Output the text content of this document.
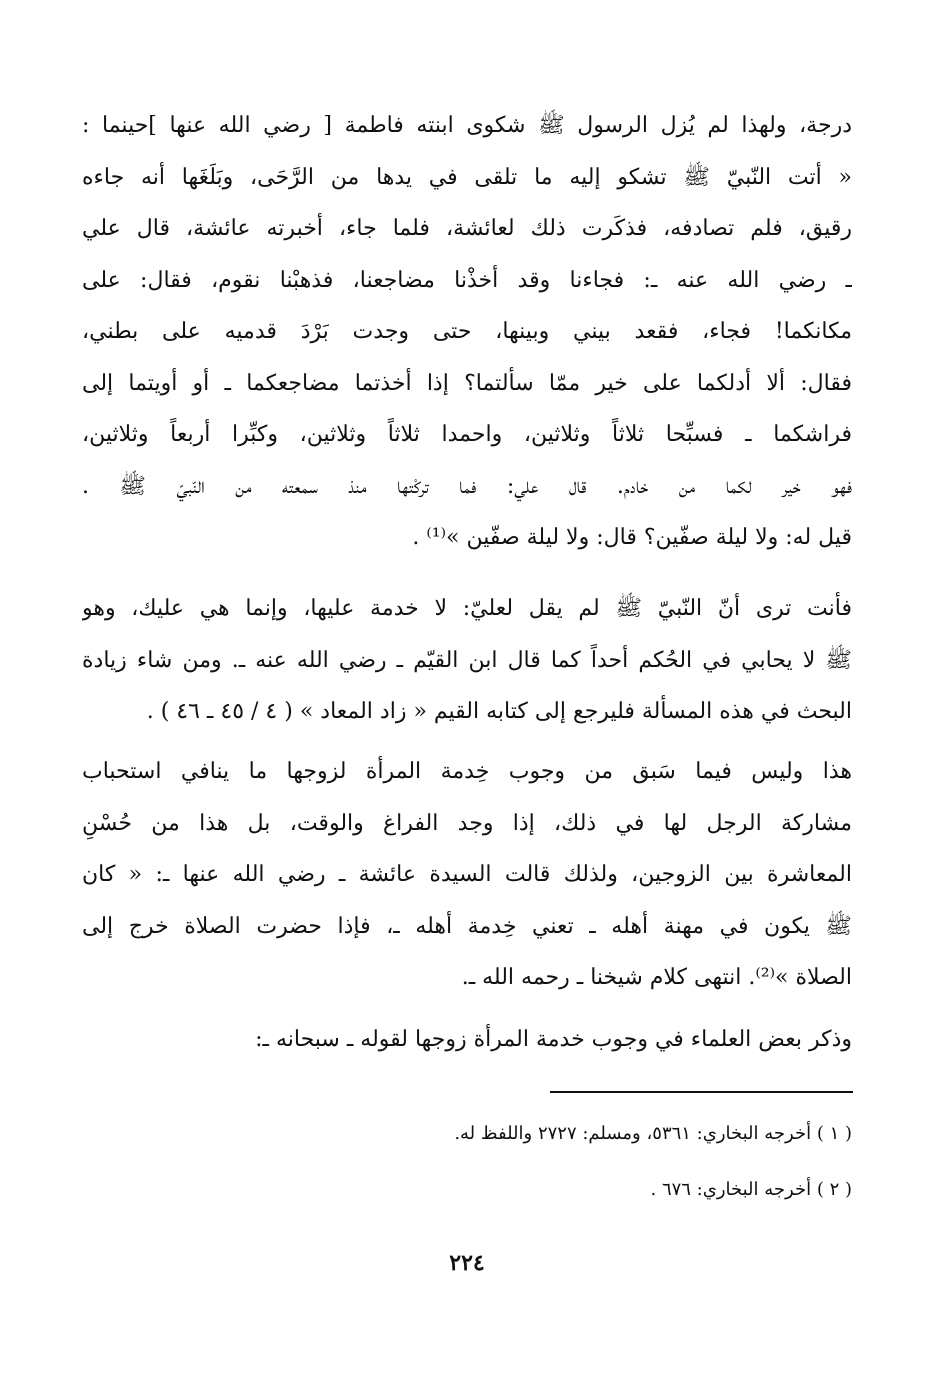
درجة، ولهذا لم يُزل الرسول ﷺ شكوى ابنته فاطمة [ رضي الله عنها ]حينما :
« أتت النّبيّ ﷺ تشكو إليه ما تلقى في يدها من الرَّحَى، وبَلَغَها أنه جاءه
رقيق، فلم تصادفه، فذكَرت ذلك لعائشة، فلما جاء، أخبرته عائشة، قال علي
ـ رضي الله عنه ـ: فجاءنا وقد أخذْنا مضاجعنا، فذهبْنا نقوم، فقال: على
مكانكما! فجاء، فقعد بيني وبينها، حتى وجدت بَرْدَ قدميه على بطني،
فقال: ألا أدلكما على خير ممّا سألتما؟ إذا أخذتما مضاجعكما ـ أو أويتما إلى
فراشكما ـ فسبِّحا ثلاثاً وثلاثين، واحمدا ثلاثاً وثلاثين، وكبِّرا أربعاً وثلاثين،
فهو خير لكما من خادم. قال علي: فما تركْتها منذ سمعته من النّبيّ ﷺ .
قيل له: ولا ليلة صفّين؟ قال: ولا ليلة صفّين »⁽¹⁾ .
فأنت ترى أنّ النّبيّ ﷺ لم يقل لعليّ: لا خدمة عليها، وإنما هي عليك، وهو
ﷺ لا يحابي في الحُكم أحداً كما قال ابن القيّم ـ رضي الله عنه ـ. ومن شاء زيادة
البحث في هذه المسألة فليرجع إلى كتابه القيم « زاد المعاد » ( ٤ / ٤٥ ـ ٤٦ ) .
هذا وليس فيما سَبق من وجوب خِدمة المرأة لزوجها ما ينافي استحباب
مشاركة الرجل لها في ذلك، إذا وجد الفراغ والوقت، بل هذا من حُسْنِ
المعاشرة بين الزوجين، ولذلك قالت السيدة عائشة ـ رضي الله عنها ـ: « كان
ﷺ يكون في مهنة أهله ـ تعني خِدمة أهله ـ، فإذا حضرت الصلاة خرج إلى
الصلاة »⁽²⁾. انتهى كلام شيخنا ـ رحمه الله ـ.
وذكر بعض العلماء في وجوب خدمة المرأة زوجها لقوله ـ سبحانه ـ:
( ١ ) أخرجه البخاري: ٥٣٦١، ومسلم: ٢٧٢٧ واللفظ له.
( ٢ ) أخرجه البخاري: ٦٧٦ .
٢٢٤
